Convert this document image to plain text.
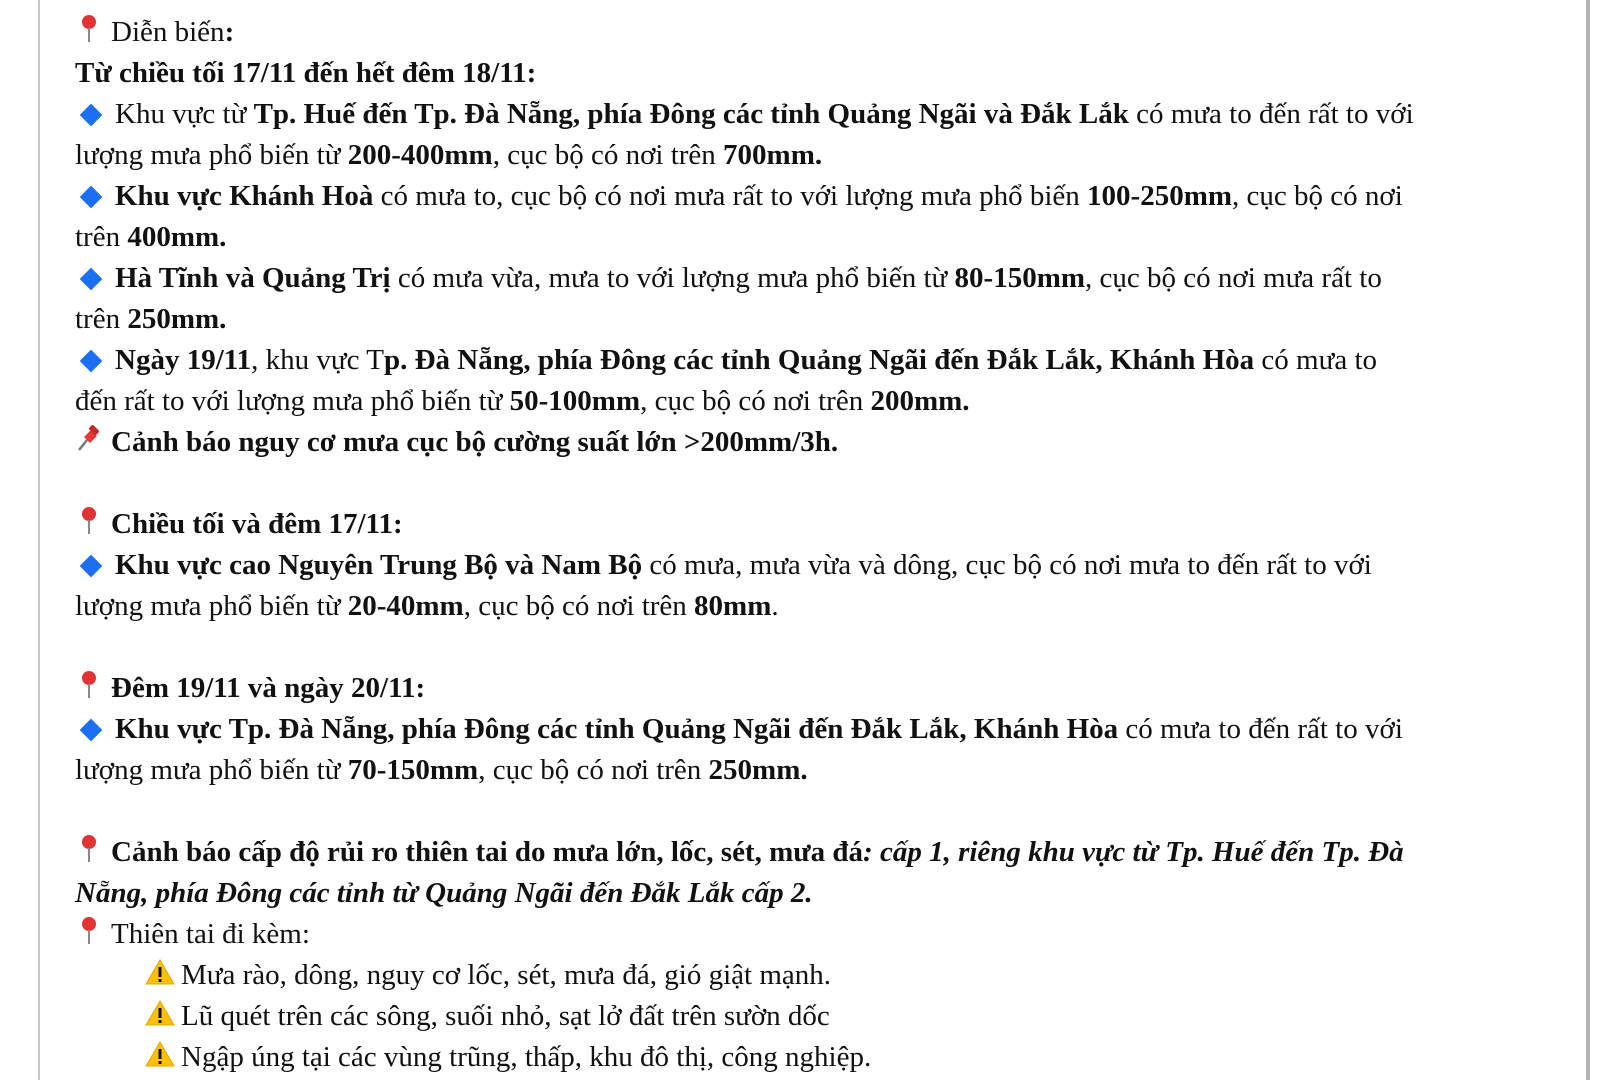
Diễn biến:
Từ chiều tối 17/11 đến hết đêm 18/11:
Khu vực từ Tp. Huế đến Tp. Đà Nẵng, phía Đông các tỉnh Quảng Ngãi và Đắk Lắk có mưa to đến rất to với
lượng mưa phổ biến từ 200-400mm, cục bộ có nơi trên 700mm.
Khu vực Khánh Hoà có mưa to, cục bộ có nơi mưa rất to với lượng mưa phổ biến 100-250mm, cục bộ có nơi
trên 400mm.
Hà Tĩnh và Quảng Trị có mưa vừa, mưa to với lượng mưa phổ biến từ 80-150mm, cục bộ có nơi mưa rất to
trên 250mm.
Ngày 19/11, khu vực Tp. Đà Nẵng, phía Đông các tỉnh Quảng Ngãi đến Đắk Lắk, Khánh Hòa có mưa to
đến rất to với lượng mưa phổ biến từ 50-100mm, cục bộ có nơi trên 200mm.
Cảnh báo nguy cơ mưa cục bộ cường suất lớn >200mm/3h.
Chiều tối và đêm 17/11:
Khu vực cao Nguyên Trung Bộ và Nam Bộ có mưa, mưa vừa và dông, cục bộ có nơi mưa to đến rất to với
lượng mưa phổ biến từ 20-40mm, cục bộ có nơi trên 80mm.
Đêm 19/11 và ngày 20/11:
Khu vực Tp. Đà Nẵng, phía Đông các tỉnh Quảng Ngãi đến Đắk Lắk, Khánh Hòa có mưa to đến rất to với
lượng mưa phổ biến từ 70-150mm, cục bộ có nơi trên 250mm.
Cảnh báo cấp độ rủi ro thiên tai do mưa lớn, lốc, sét, mưa đá: cấp 1, riêng khu vực từ Tp. Huế đến Tp. Đà
Nẵng, phía Đông các tỉnh từ Quảng Ngãi đến Đắk Lắk cấp 2.
Thiên tai đi kèm:
Mưa rào, dông, nguy cơ lốc, sét, mưa đá, gió giật mạnh.
Lũ quét trên các sông, suối nhỏ, sạt lở đất trên sườn dốc
Ngập úng tại các vùng trũng, thấp, khu đô thị, công nghiệp.
